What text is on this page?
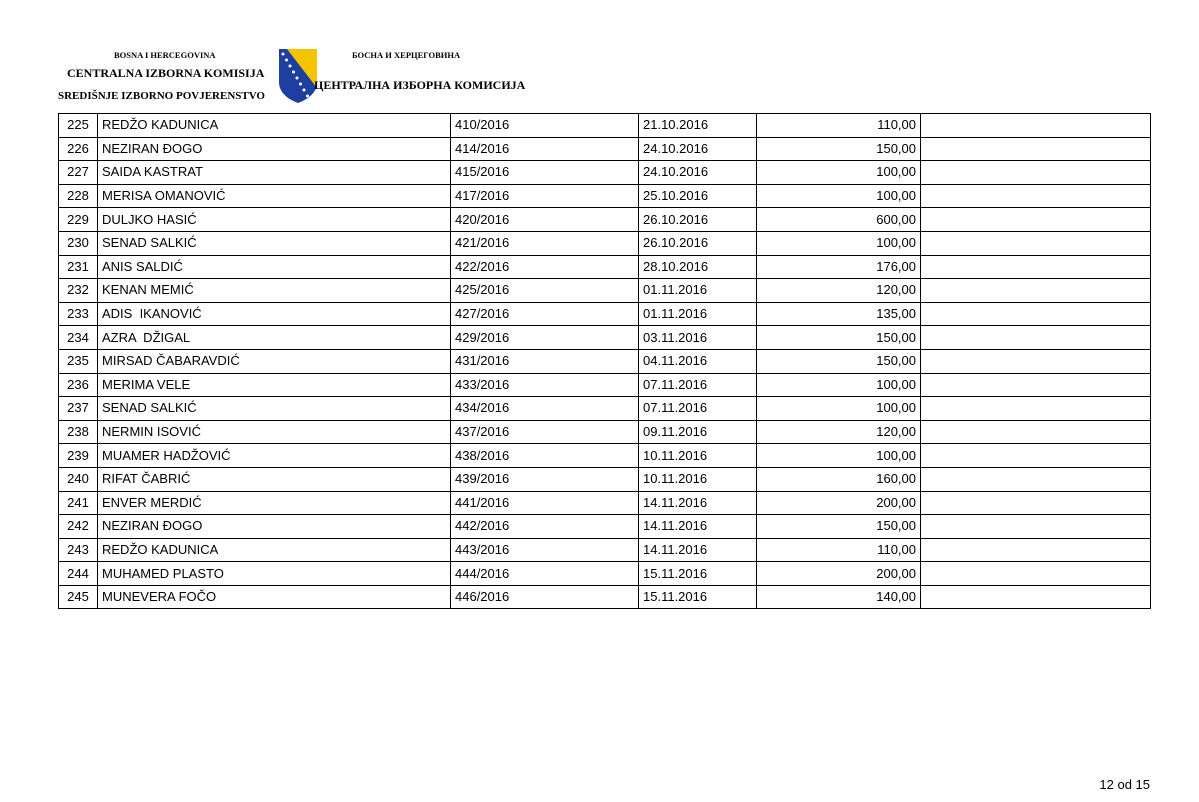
BOSNA I HERCEGOVINA
CENTRALNA IZBORNA KOMISIJA
SREDIŠNJE IZBORNO POVJERENSTVO
БОСНА И ХЕРЦЕГОВИНА
ЦЕНТРАЛНА ИЗБОРНА КОМИСИЈА
225	REDŽO KADUNICA	410/2016	21.10.2016	110,00	
226	NEZIRAN ĐOGO	414/2016	24.10.2016	150,00	
227	SAIDA KASTRAT	415/2016	24.10.2016	100,00	
228	MERISA OMANOVIĆ	417/2016	25.10.2016	100,00	
229	DULJKO HASIĆ	420/2016	26.10.2016	600,00	
230	SENAD SALKIĆ	421/2016	26.10.2016	100,00	
231	ANIS SALDIĆ	422/2016	28.10.2016	176,00	
232	KENAN MEMIĆ	425/2016	01.11.2016	120,00	
233	ADIS  IKANOVIĆ	427/2016	01.11.2016	135,00	
234	AZRA  DŽIGAL	429/2016	03.11.2016	150,00	
235	MIRSAD ČABARAVDIĆ	431/2016	04.11.2016	150,00	
236	MERIMA VELE	433/2016	07.11.2016	100,00	
237	SENAD SALKIĆ	434/2016	07.11.2016	100,00	
238	NERMIN ISOVIĆ	437/2016	09.11.2016	120,00	
239	MUAMER HADŽOVIĆ	438/2016	10.11.2016	100,00	
240	RIFAT ČABRIĆ	439/2016	10.11.2016	160,00	
241	ENVER MERDIĆ	441/2016	14.11.2016	200,00	
242	NEZIRAN ĐOGO	442/2016	14.11.2016	150,00	
243	REDŽO KADUNICA	443/2016	14.11.2016	110,00	
244	MUHAMED PLASTO	444/2016	15.11.2016	200,00	
245	MUNEVERA FOČO	446/2016	15.11.2016	140,00	
12 od 15
